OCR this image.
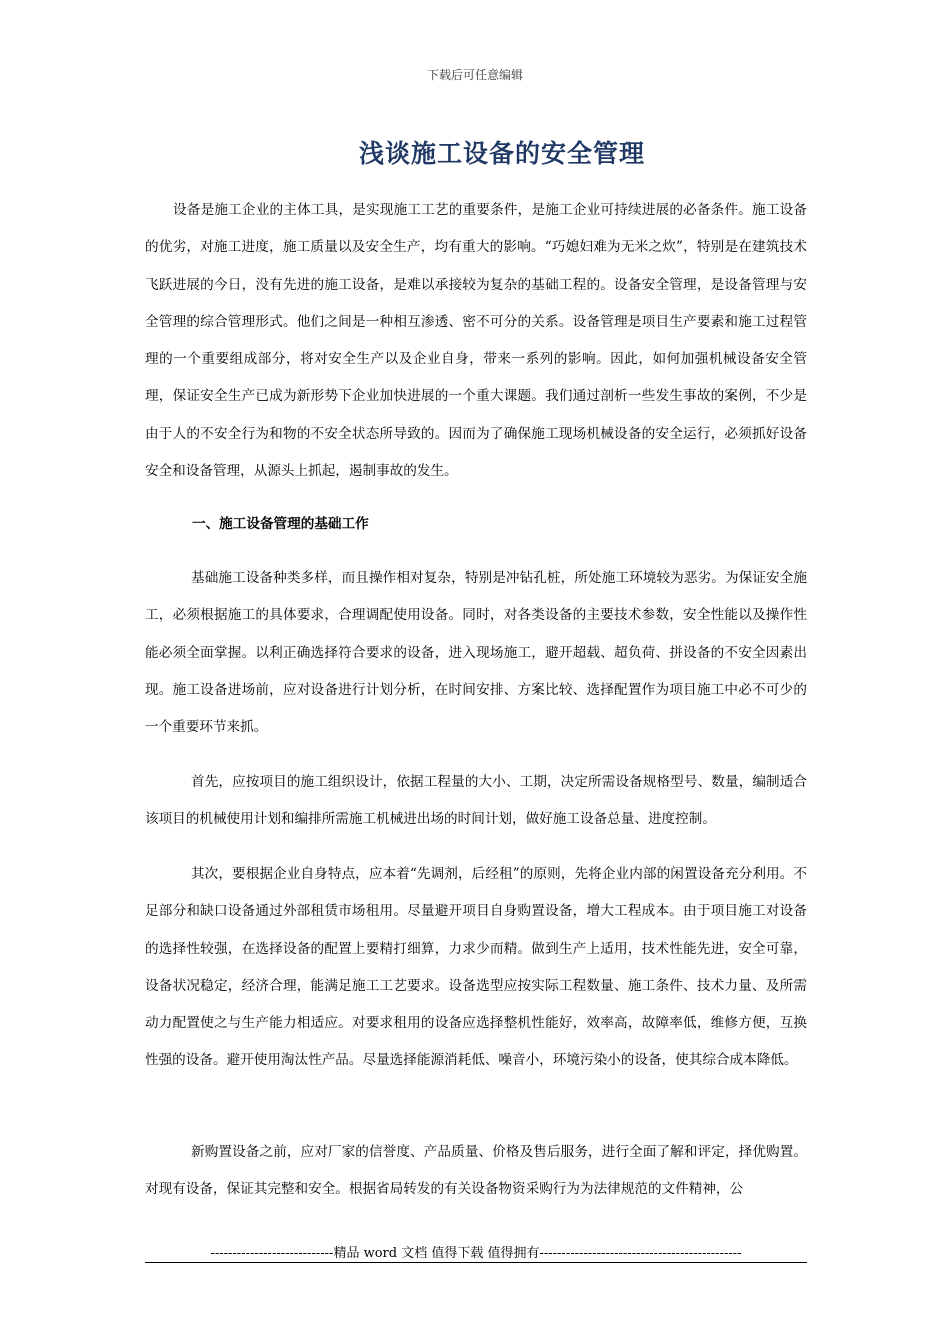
下载后可任意编辑
浅谈施工设备的安全管理

设备是施工企业的主体工具，是实现施工工艺的重要条件，是施工企业可持续进展的必备条件。施工设备的优劣，对施工进度，施工质量以及安全生产，均有重大的影响。“巧媳妇难为无米之炊”，特别是在建筑技术飞跃进展的今日，没有先进的施工设备，是难以承接较为复杂的基础工程的。设备安全管理，是设备管理与安全管理的综合管理形式。他们之间是一种相互渗透、密不可分的关系。设备管理是项目生产要素和施工过程管理的一个重要组成部分，将对安全生产以及企业自身，带来一系列的影响。因此，如何加强机械设备安全管理，保证安全生产已成为新形势下企业加快进展的一个重大课题。我们通过剖析一些发生事故的案例，不少是由于人的不安全行为和物的不安全状态所导致的。因而为了确保施工现场机械设备的安全运行，必须抓好设备安全和设备管理，从源头上抓起，遏制事故的发生。

一、施工设备管理的基础工作

基础施工设备种类多样，而且操作相对复杂，特别是冲钻孔桩，所处施工环境较为恶劣。为保证安全施工，必须根据施工的具体要求，合理调配使用设备。同时，对各类设备的主要技术参数，安全性能以及操作性能必须全面掌握。以利正确选择符合要求的设备，进入现场施工，避开超载、超负荷、拼设备的不安全因素出现。施工设备进场前，应对设备进行计划分析，在时间安排、方案比较、选择配置作为项目施工中必不可少的一个重要环节来抓。

首先，应按项目的施工组织设计，依据工程量的大小、工期，决定所需设备规格型号、数量，编制适合该项目的机械使用计划和编排所需施工机械进出场的时间计划，做好施工设备总量、进度控制。

其次，要根据企业自身特点，应本着“先调剂，后经租”的原则，先将企业内部的闲置设备充分利用。不足部分和缺口设备通过外部租赁市场租用。尽量避开项目自身购置设备，增大工程成本。由于项目施工对设备的选择性较强，在选择设备的配置上要精打细算，力求少而精。做到生产上适用，技术性能先进，安全可靠，设备状况稳定，经济合理，能满足施工工艺要求。设备选型应按实际工程数量、施工条件、技术力量、及所需动力配置使之与生产能力相适应。对要求租用的设备应选择整机性能好，效率高，故障率低，维修方便，互换性强的设备。避开使用淘汰性产品。尽量选择能源消耗低、噪音小，环境污染小的设备，使其综合成本降低。

新购置设备之前，应对厂家的信誉度、产品质量、价格及售后服务，进行全面了解和评定，择优购置。对现有设备，保证其完整和安全。根据省局转发的有关设备物资采购行为为法律规范的文件精神，公

----------------------------精品 word 文档 值得下载 值得拥有----------------------------------------------
